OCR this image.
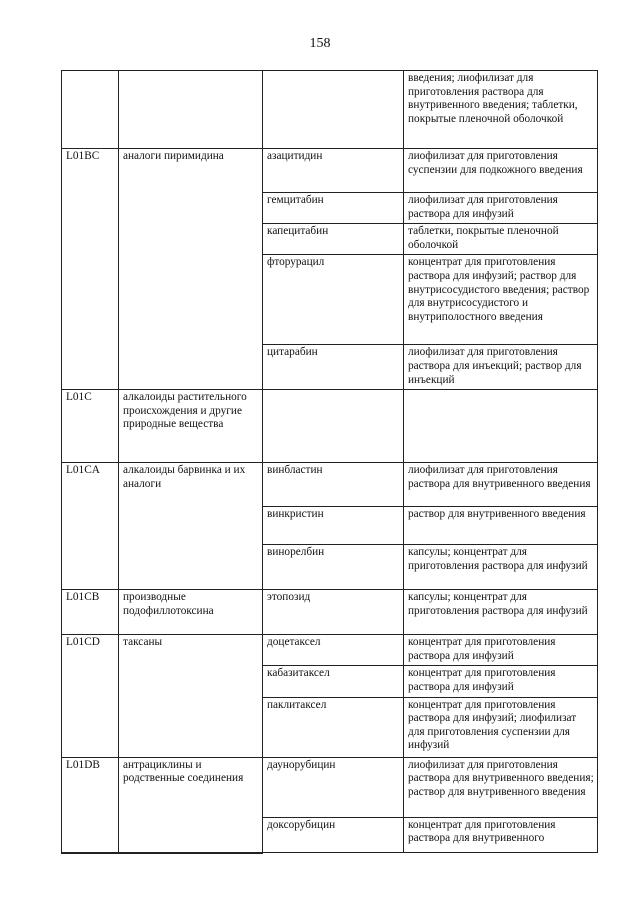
158
			введения; лиофилизат для приготовления раствора для внутривенного введения; таблетки, покрытые пленочной оболочкой
L01BC	аналоги пиримидина	азацитидин	лиофилизат для приготовления суспензии для подкожного введения
		гемцитабин	лиофилизат для приготовления раствора для инфузий
		капецитабин	таблетки, покрытые пленочной оболочкой
		фторурацил	концентрат для приготовления раствора для инфузий; раствор для внутрисосудистого введения; раствор для внутрисосудистого и внутриполостного введения
		цитарабин	лиофилизат для приготовления раствора для инъекций; раствор для инъекций
L01C	алкалоиды растительного происхождения и другие природные вещества		
L01CA	алкалоиды барвинка и их аналоги	винбластин	лиофилизат для приготовления раствора для внутривенного введения
		винкристин	раствор для внутривенного введения
		винорелбин	капсулы; концентрат для приготовления раствора для инфузий
L01CB	производные подофиллотоксина	этопозид	капсулы; концентрат для приготовления раствора для инфузий
L01CD	таксаны	доцетаксел	концентрат для приготовления раствора для инфузий
		кабазитаксел	концентрат для приготовления раствора для инфузий
		паклитаксел	концентрат для приготовления раствора для инфузий; лиофилизат для приготовления суспензии для инфузий
L01DB	антрациклины и родственные соединения	даунорубицин	лиофилизат для приготовления раствора для внутривенного введения; раствор для внутривенного введения
		доксорубицин	концентрат для приготовления раствора для внутривенного
